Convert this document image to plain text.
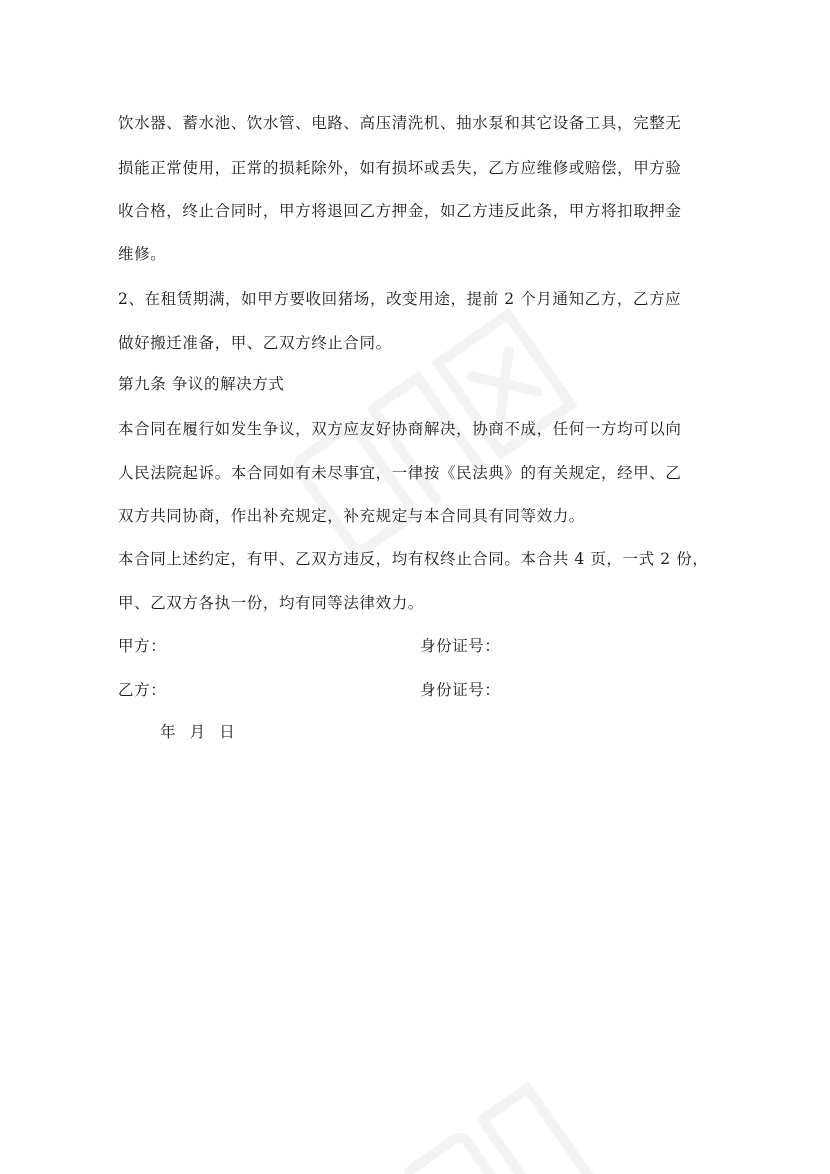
饮水器、蓄水池、饮水管、电路、高压清洗机、抽水泵和其它设备工具，完整无
损能正常使用，正常的损耗除外，如有损坏或丢失，乙方应维修或赔偿，甲方验
收合格，终止合同时，甲方将退回乙方押金，如乙方违反此条，甲方将扣取押金
维修。
2、在租赁期满，如甲方要收回猪场，改变用途，提前 2 个月通知乙方，乙方应
做好搬迁准备，甲、乙双方终止合同。
第九条 争议的解决方式
本合同在履行如发生争议，双方应友好协商解决，协商不成，任何一方均可以向
人民法院起诉。本合同如有未尽事宜，一律按《民法典》的有关规定，经甲、乙
双方共同协商，作出补充规定，补充规定与本合同具有同等效力。
本合同上述约定，有甲、乙双方违反，均有权终止合同。本合共 4 页，一式 2 份，
甲、乙双方各执一份，均有同等法律效力。
甲方：	身份证号：
乙方：	身份证号：
年 月 日
